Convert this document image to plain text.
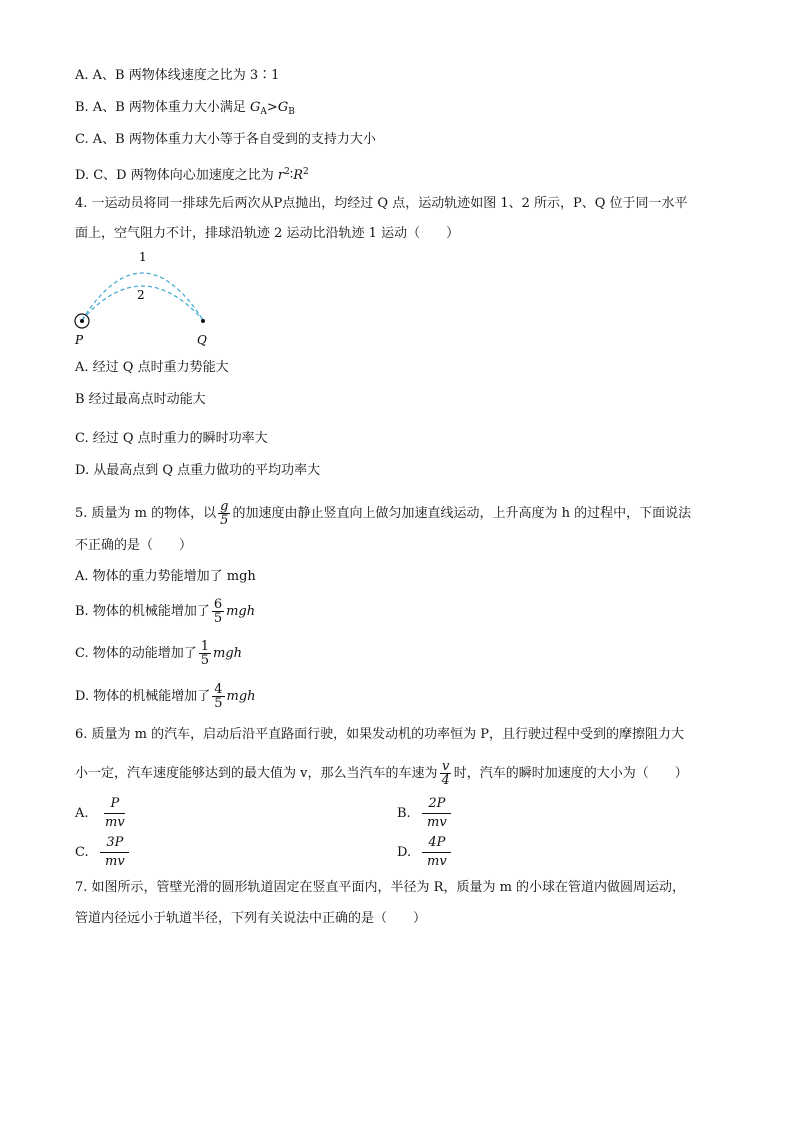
A. A、B 两物体线速度之比为 3∶1
B. A、B 两物体重力大小满足 $G_A>G_B$
C. A、B 两物体重力大小等于各自受到的支持力大小
D. C、D 两物体向心加速度之比为 $r^2∶R^2$
4. 一运动员将同一排球先后两次从P点抛出，均经过 Q 点，运动轨迹如图 1、2 所示，P、Q 位于同一水平
面上，空气阻力不计，排球沿轨迹 2 运动比沿轨迹 1 运动（　　）
1
2
P	Q
A. 经过 Q 点时重力势能大
B 经过最高点时动能大
C. 经过 Q 点时重力的瞬时功率大
D. 从最高点到 Q 点重力做功的平均功率大
5. 质量为 m 的物体，以 $\frac{g}{5}$ 的加速度由静止竖直向上做匀加速直线运动，上升高度为 h 的过程中，下面说法
不正确的是（　　）
A. 物体的重力势能增加了 mgh
B. 物体的机械能增加了 $\frac{6}{5}$ mgh
C. 物体的动能增加了 $\frac{1}{5}$ mgh
D. 物体的机械能增加了 $\frac{4}{5}$ mgh
6. 质量为 m 的汽车，启动后沿平直路面行驶，如果发动机的功率恒为 P，且行驶过程中受到的摩擦阻力大
小一定，汽车速度能够达到的最大值为 v，那么当汽车的车速为 $\frac{v}{4}$ 时，汽车的瞬时加速度的大小为（　　）
A. $\frac{P}{mv}$	B. $\frac{2P}{mv}$
C. $\frac{3P}{mv}$	D. $\frac{4P}{mv}$
7. 如图所示，管壁光滑的圆形轨道固定在竖直平面内，半径为 R，质量为 m 的小球在管道内做圆周运动，
管道内径远小于轨道半径，下列有关说法中正确的是（　　）
